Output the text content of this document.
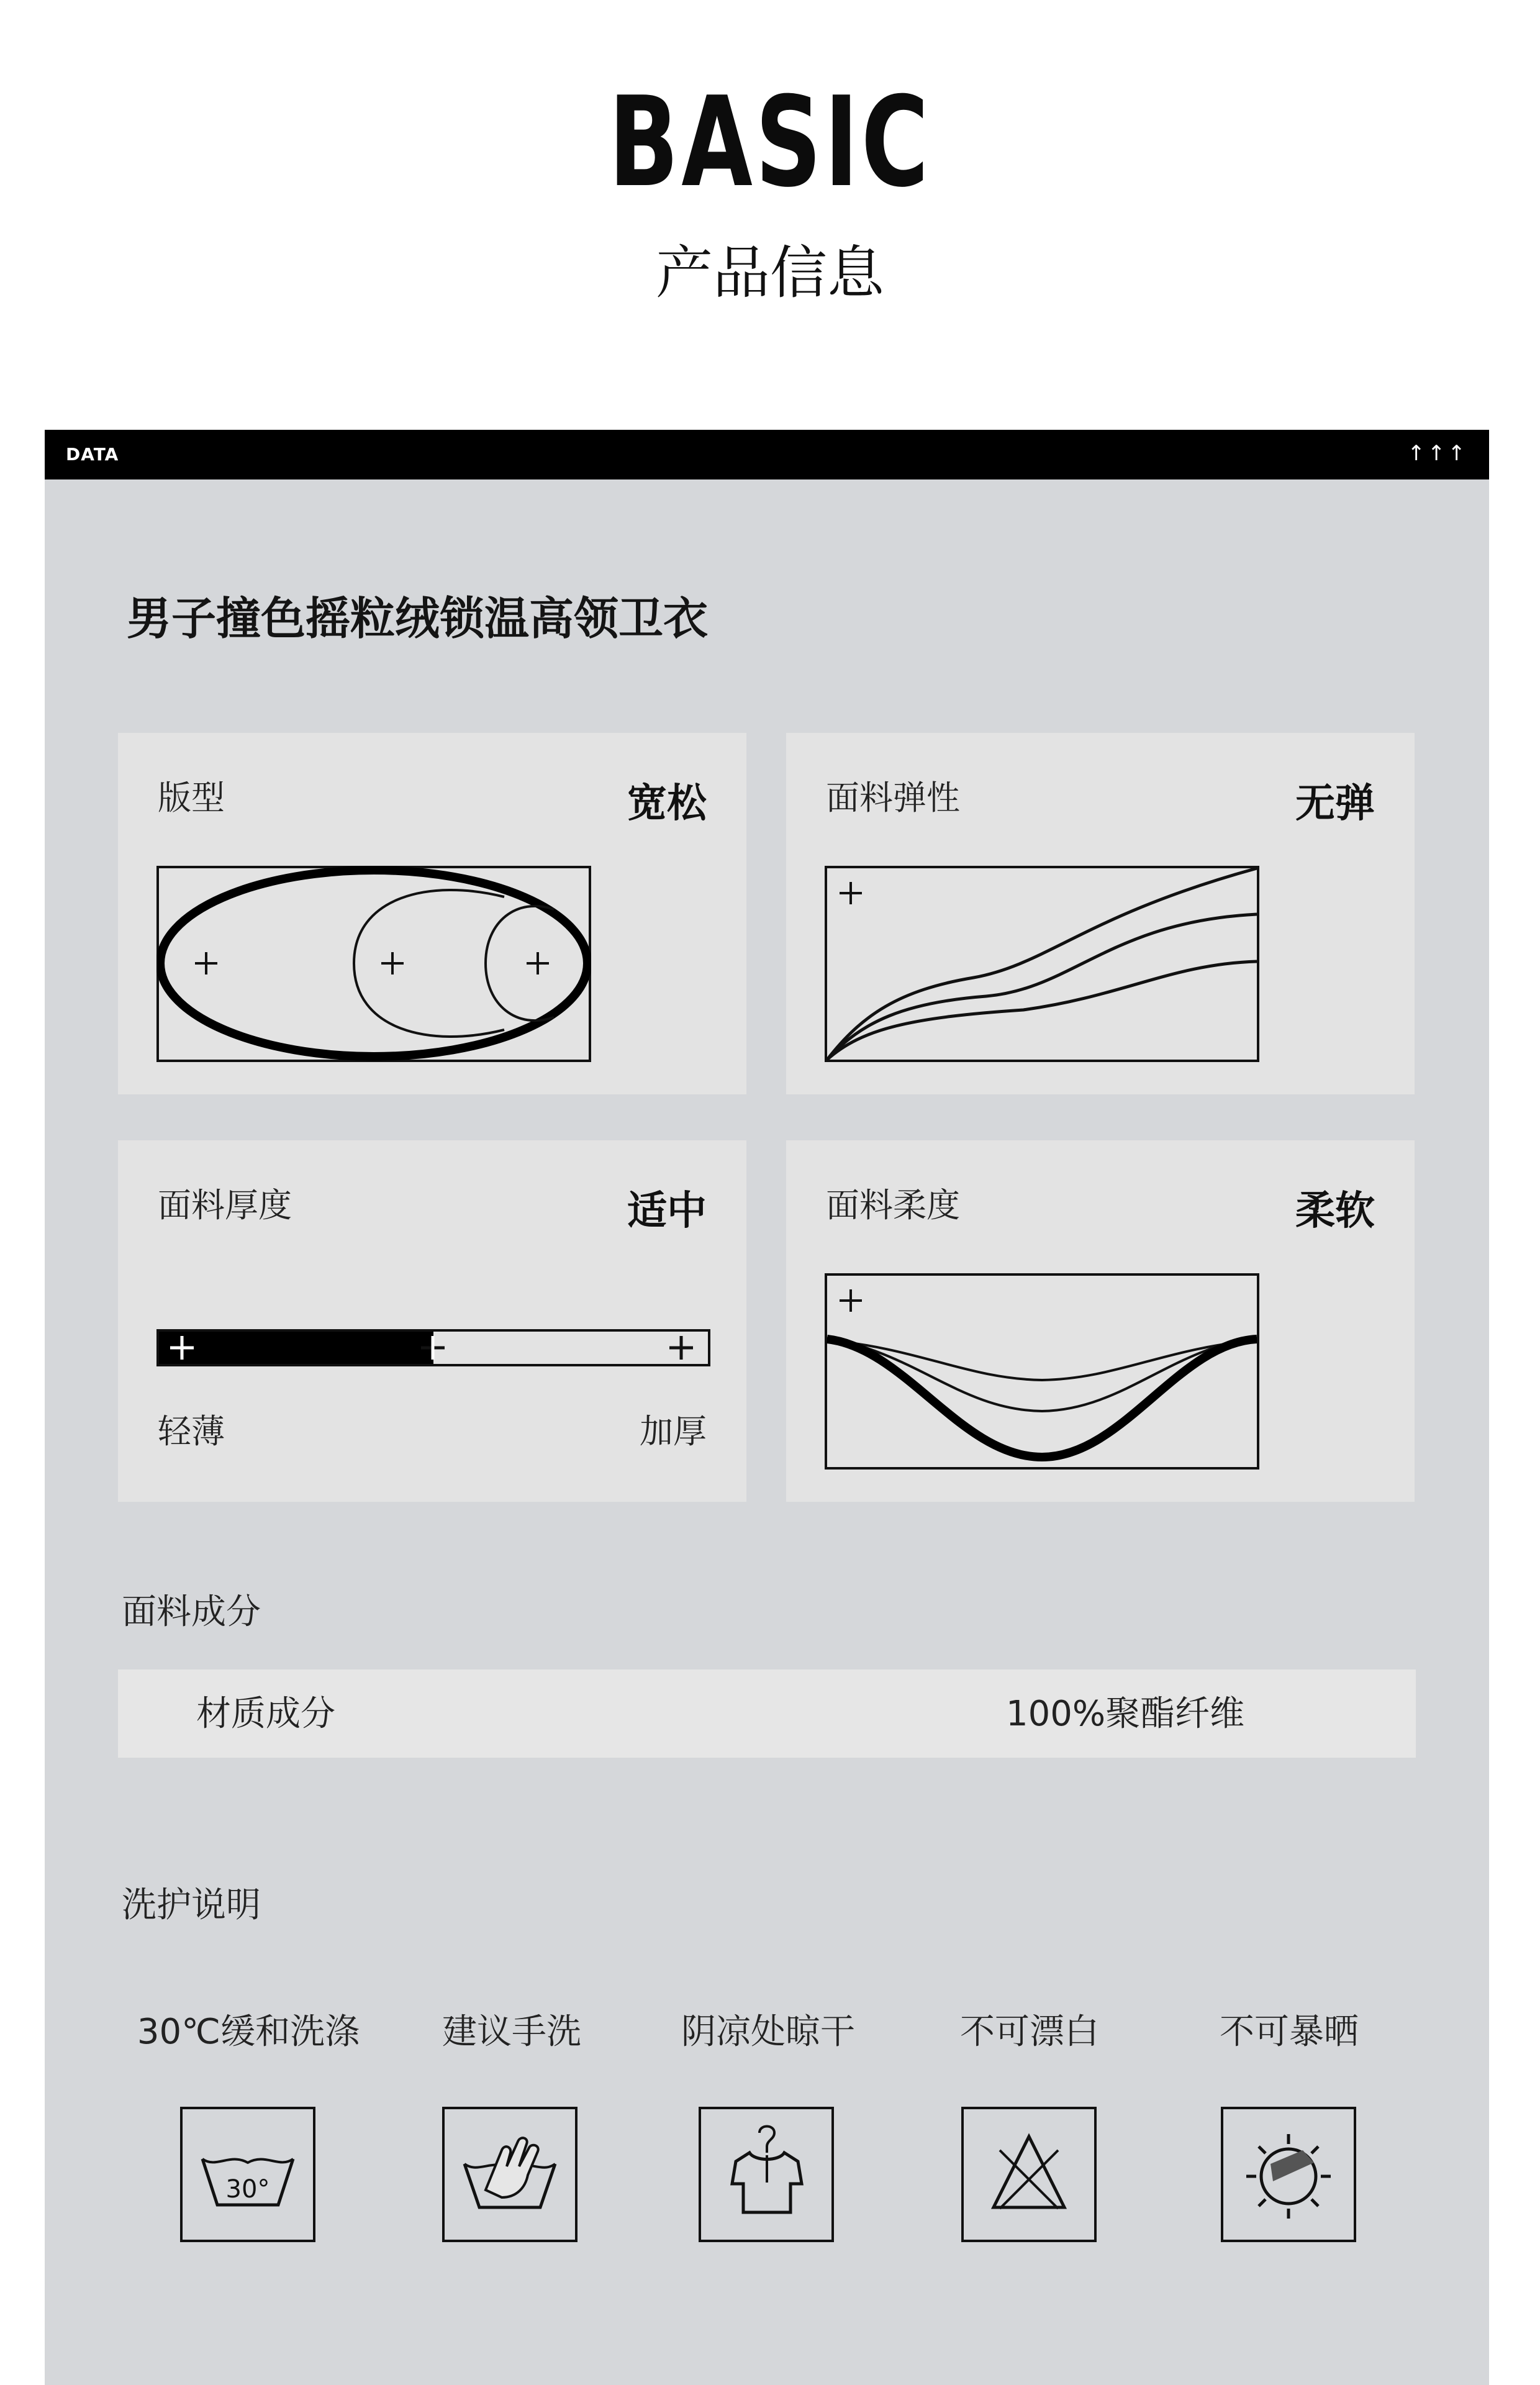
BASIC
产品信息
DATA	↑↑↑
男子撞色摇粒绒锁温高领卫衣
版型	宽松	面料弹性	无弹
面料厚度	适中
轻薄	加厚
面料柔度	柔软
面料成分
材质成分	100%聚酯纤维
洗护说明
30℃缓和洗涤	建议手洗	阴凉处晾干	不可漂白	不可暴晒
30°
